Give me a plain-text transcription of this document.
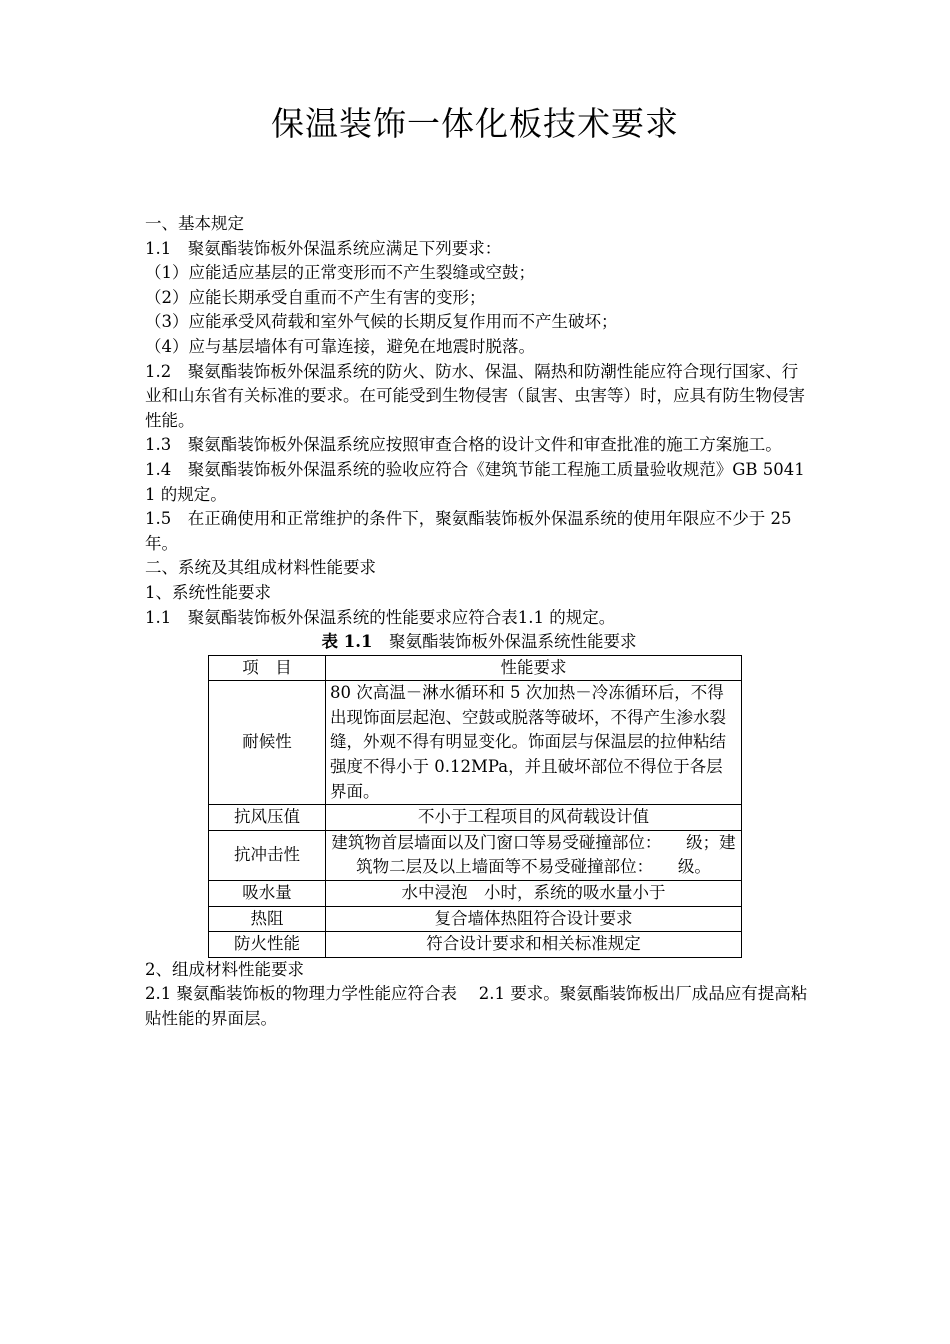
保温装饰一体化板技术要求

一、基本规定

1.1　聚氨酯装饰板外保温系统应满足下列要求：

（1）应能适应基层的正常变形而不产生裂缝或空鼓；

（2）应能长期承受自重而不产生有害的变形；

（3）应能承受风荷载和室外气候的长期反复作用而不产生破坏；

（4）应与基层墙体有可靠连接，避免在地震时脱落。

1.2　聚氨酯装饰板外保温系统的防火、防水、保温、隔热和防潮性能应符合现行国家、行业和山东省有关标准的要求。在可能受到生物侵害（鼠害、虫害等）时，应具有防生物侵害性能。

1.3　聚氨酯装饰板外保温系统应按照审查合格的设计文件和审查批准的施工方案施工。

1.4　聚氨酯装饰板外保温系统的验收应符合《建筑节能工程施工质量验收规范》GB 50411 的规定。

1.5　在正确使用和正常维护的条件下，聚氨酯装饰板外保温系统的使用年限应不少于 25 年。

二、系统及其组成材料性能要求

1、系统性能要求

1.1　聚氨酯装饰板外保温系统的性能要求应符合表1.1 的规定。

表 1.1　聚氨酯装饰板外保温系统性能要求

项　目	性能要求
耐候性	80 次高温－淋水循环和 5 次加热－冷冻循环后，不得出现饰面层起泡、空鼓或脱落等破坏，不得产生渗水裂缝，外观不得有明显变化。饰面层与保温层的拉伸粘结强度不得小于 0.12MPa，并且破坏部位不得位于各层界面。
抗风压值	不小于工程项目的风荷载设计值
抗冲击性	建筑物首层墙面以及门窗口等易受碰撞部位：　　级；建筑物二层及以上墙面等不易受碰撞部位：　　级。
吸水量	水中浸泡　小时，系统的吸水量小于
热阻	复合墙体热阻符合设计要求
防火性能	符合设计要求和相关标准规定

2、组成材料性能要求

2.1 聚氨酯装饰板的物理力学性能应符合表　 2.1 要求。聚氨酯装饰板出厂成品应有提高粘贴性能的界面层。
